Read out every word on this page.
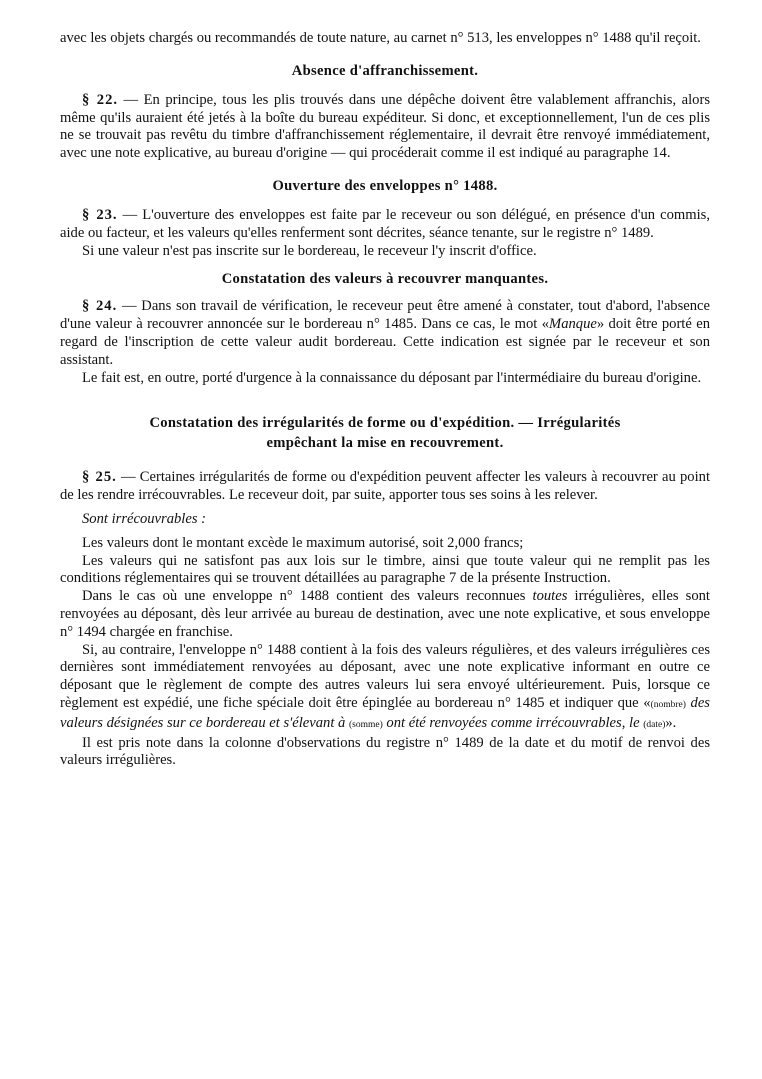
avec les objets chargés ou recommandés de toute nature, au carnet n° 513, les enveloppes n° 1488 qu'il reçoit.

Absence d'affranchissement.

§ 22. — En principe, tous les plis trouvés dans une dépêche doivent être valablement affranchis, alors même qu'ils auraient été jetés à la boîte du bureau expéditeur. Si donc, et exceptionnellement, l'un de ces plis ne se trouvait pas revêtu du timbre d'affranchissement réglementaire, il devrait être renvoyé immédiatement, avec une note explicative, au bureau d'origine — qui procéderait comme il est indiqué au paragraphe 14.

Ouverture des enveloppes n° 1488.

§ 23. — L'ouverture des enveloppes est faite par le receveur ou son délégué, en présence d'un commis, aide ou facteur, et les valeurs qu'elles renferment sont décrites, séance tenante, sur le registre n° 1489.

Si une valeur n'est pas inscrite sur le bordereau, le receveur l'y inscrit d'office.

Constatation des valeurs à recouvrer manquantes.

§ 24. — Dans son travail de vérification, le receveur peut être amené à constater, tout d'abord, l'absence d'une valeur à recouvrer annoncée sur le bordereau n° 1485. Dans ce cas, le mot «Manque» doit être porté en regard de l'inscription de cette valeur audit bordereau. Cette indication est signée par le receveur et son assistant.

Le fait est, en outre, porté d'urgence à la connaissance du déposant par l'intermédiaire du bureau d'origine.

Constatation des irrégularités de forme ou d'expédition. — Irrégularités
empêchant la mise en recouvrement.

§ 25. — Certaines irrégularités de forme ou d'expédition peuvent affecter les valeurs à recouvrer au point de les rendre irrécouvrables. Le receveur doit, par suite, apporter tous ses soins à les relever.

Sont irrécouvrables :

Les valeurs dont le montant excède le maximum autorisé, soit 2,000 francs;

Les valeurs qui ne satisfont pas aux lois sur le timbre, ainsi que toute valeur qui ne remplit pas les conditions réglementaires qui se trouvent détaillées au paragraphe 7 de la présente Instruction.

Dans le cas où une enveloppe n° 1488 contient des valeurs reconnues toutes irrégulières, elles sont renvoyées au déposant, dès leur arrivée au bureau de destination, avec une note explicative, et sous enveloppe n° 1494 chargée en franchise.

Si, au contraire, l'enveloppe n° 1488 contient à la fois des valeurs régulières, et des valeurs irrégulières ces dernières sont immédiatement renvoyées au déposant, avec une note explicative informant en outre ce déposant que le règlement de compte des autres valeurs lui sera envoyé ultérieurement. Puis, lorsque ce règlement est expédié, une fiche spéciale doit être épinglée au bordereau n° 1485 et indiquer que «(nombre) des valeurs désignées sur ce bordereau et s'élevant à (somme) ont été renvoyées comme irrécouvrables, le (date)».

Il est pris note dans la colonne d'observations du registre n° 1489 de la date et du motif de renvoi des valeurs irrégulières.
